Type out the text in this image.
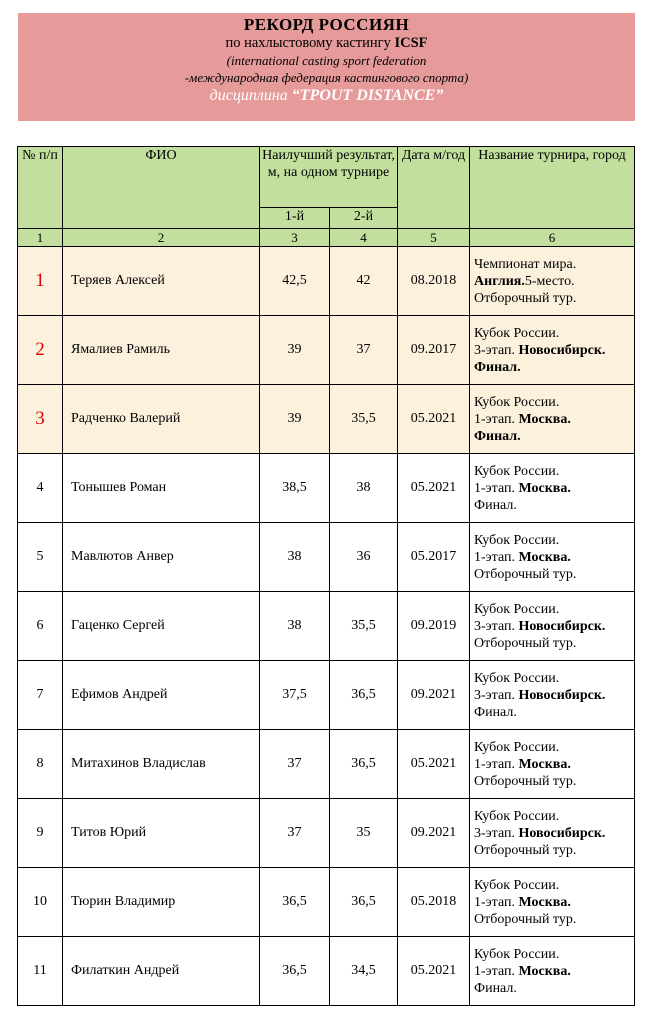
РЕКОРД РОССИЯН
по нахлыстовому кастингу ICSF
(international casting sport federation
-международная федерация кастингового спорта)
дисциплина “TPOUT DISTANCE”
№ п/п	ФИО	Наилучший результат, м, на одном турнире		Дата м/год	Название турнира, город
		1-й	2-й		
1	2	3	4	5	6
1	Теряев Алексей	42,5	42	08.2018	Чемпионат мира.
Англия.5-место.
Отборочный тур.

2	Ямалиев Рамиль	39	37	09.2017	Кубок России.
3-этап. Новосибирск.
Финал.

3	Радченко Валерий	39	35,5	05.2021	Кубок России.
1-этап. Москва.
Финал.

4	Тонышев Роман	38,5	38	05.2021	Кубок России.
1-этап. Москва.
Финал.

5	Мавлютов Анвер	38	36	05.2017	Кубок России.
1-этап. Москва.
Отборочный тур.

6	Гаценко Сергей	38	35,5	09.2019	Кубок России.
3-этап. Новосибирск.
Отборочный тур.

7	Ефимов Андрей	37,5	36,5	09.2021	Кубок России.
3-этап. Новосибирск.
Финал.

8	Митахинов Владислав	37	36,5	05.2021	Кубок России.
1-этап. Москва.
Отборочный тур.

9	Титов Юрий	37	35	09.2021	Кубок России.
3-этап. Новосибирск.
Отборочный тур.

10	Тюрин Владимир	36,5	36,5	05.2018	Кубок России.
1-этап. Москва.
Отборочный тур.

11	Филаткин Андрей	36,5	34,5	05.2021	Кубок России.
1-этап. Москва.
Финал.
